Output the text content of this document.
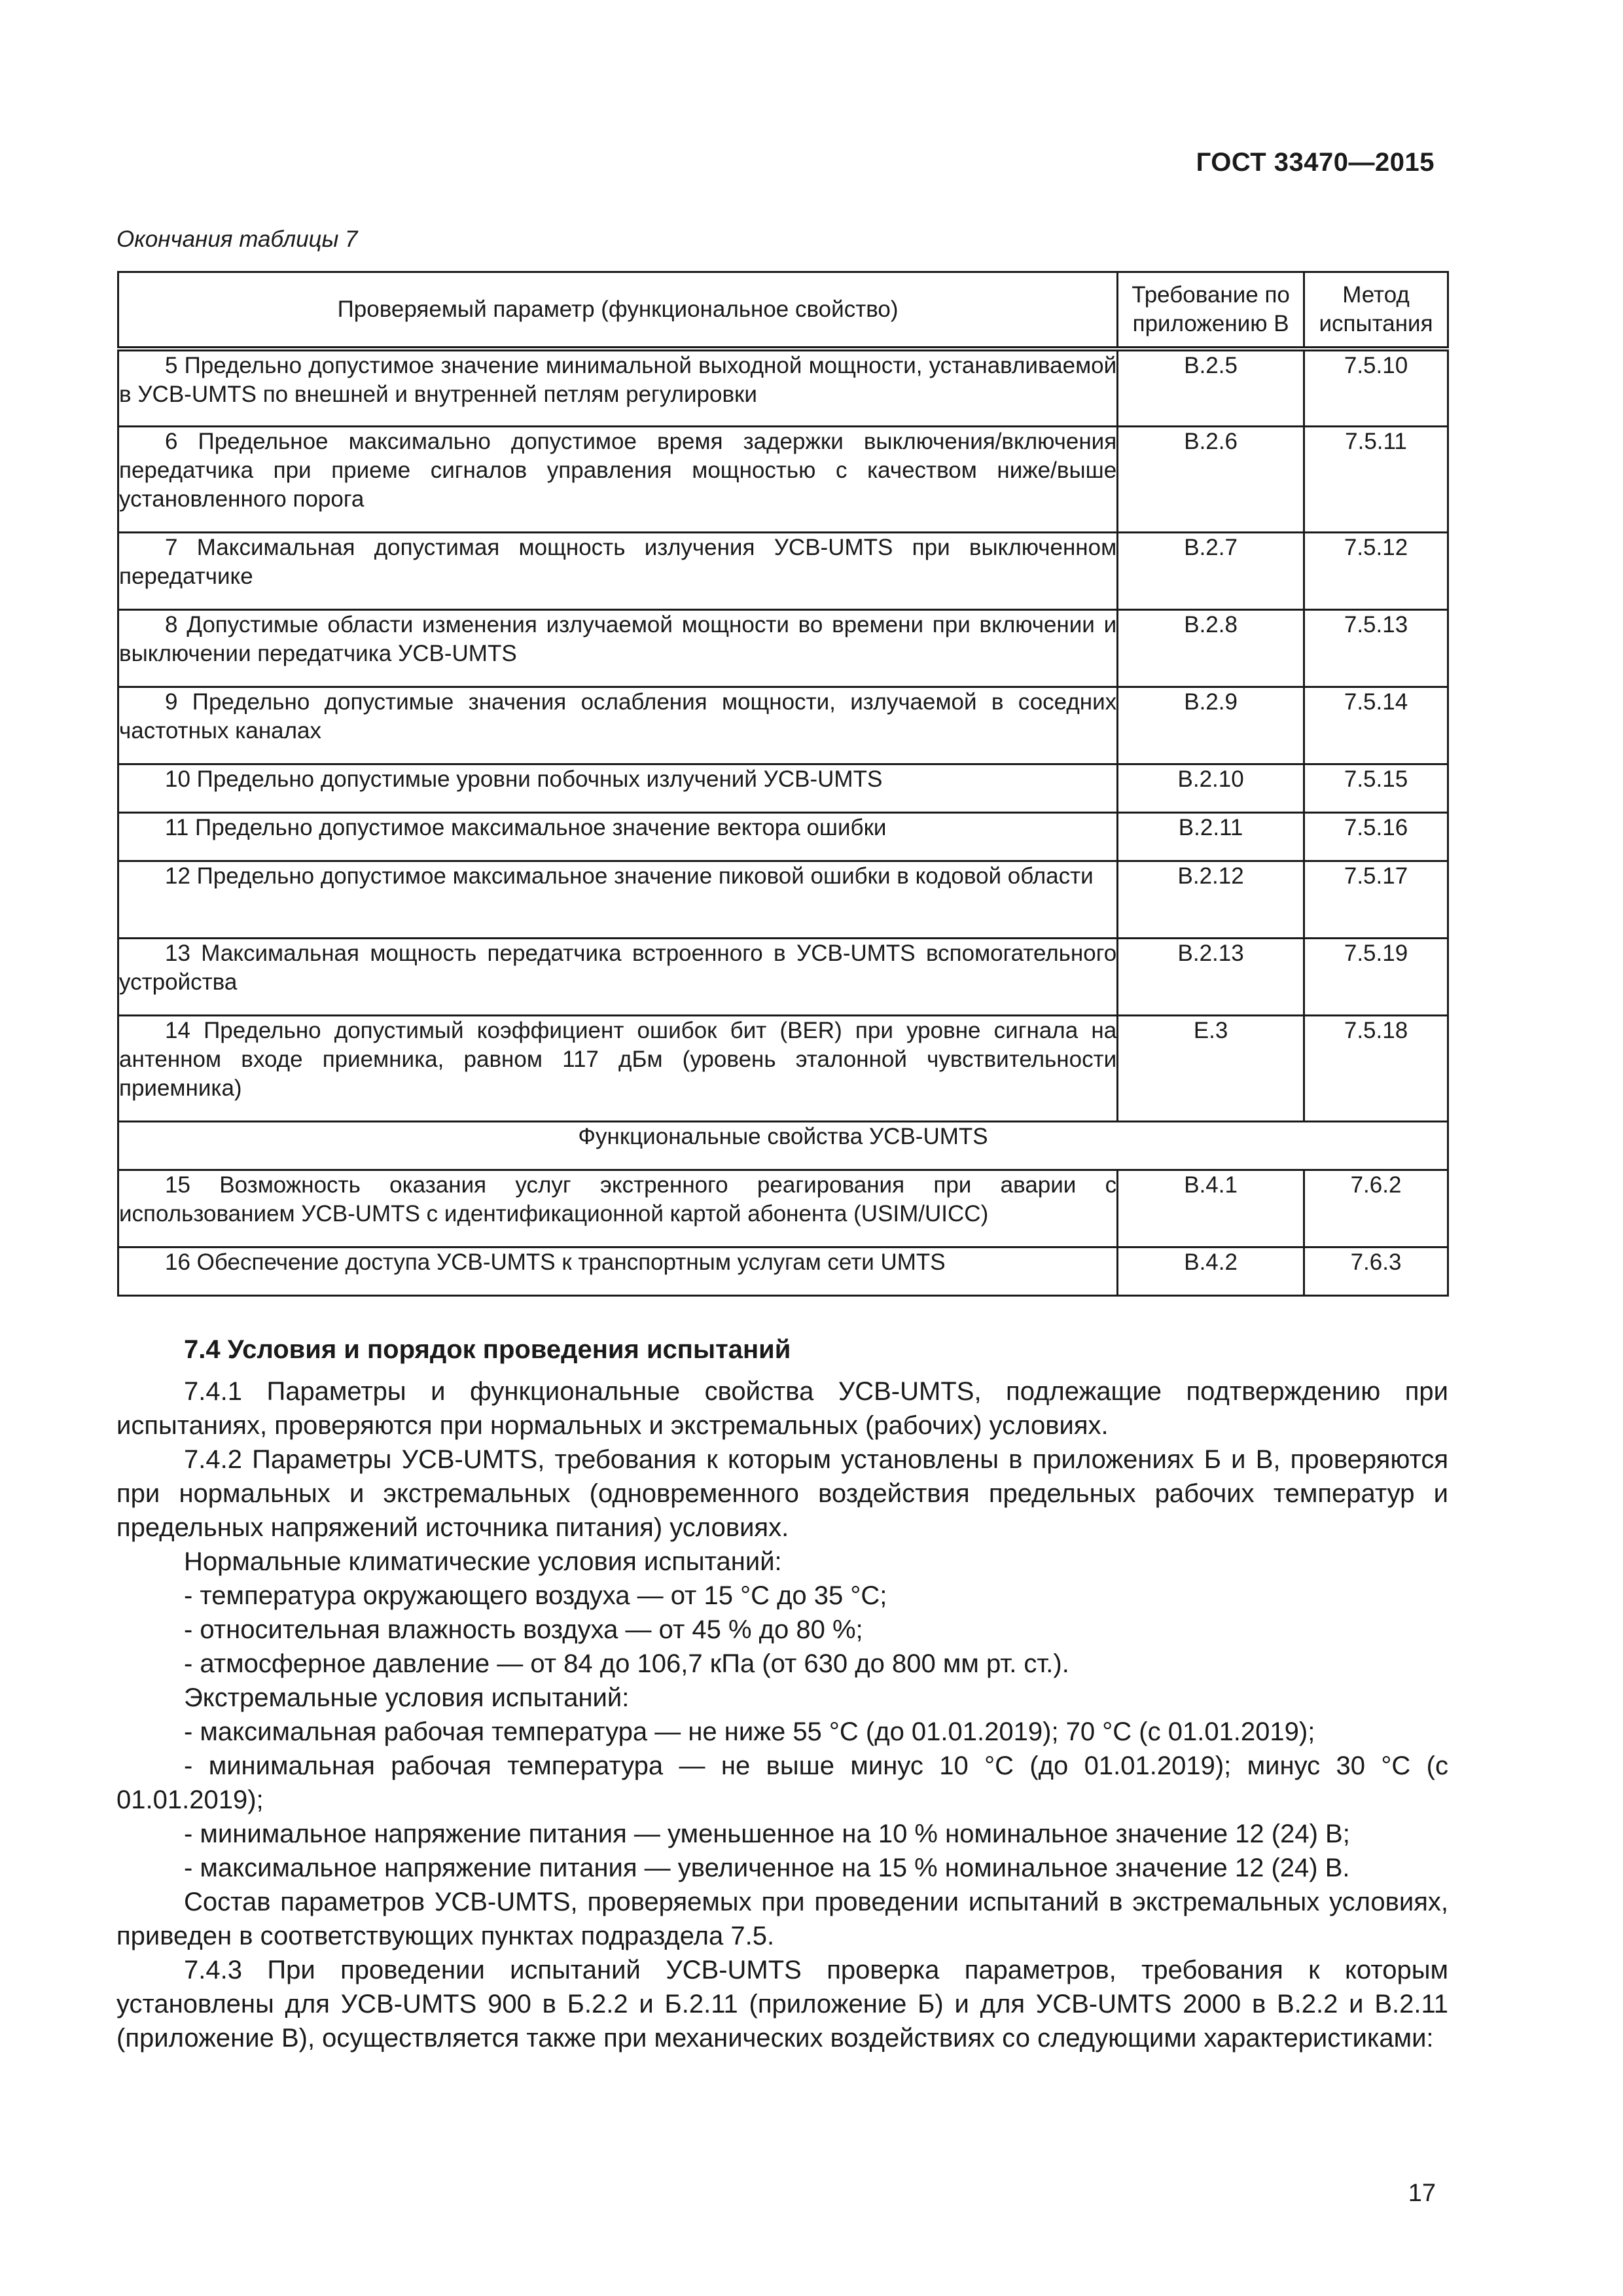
ГОСТ 33470—2015
Окончания таблицы 7
Проверяемый параметр (функциональное свойство)	Требование по приложению В	Метод испытания
5 Предельно допустимое значение минимальной выходной мощности, устанавливаемой в УСВ-UMTS по внешней и внутренней петлям регулировки	В.2.5	7.5.10
6 Предельное максимально допустимое время задержки выключения/включения передатчика при приеме сигналов управления мощностью с качеством ниже/выше установленного порога	В.2.6	7.5.11
7 Максимальная допустимая мощность излучения УСВ-UMTS при выключенном передатчике	В.2.7	7.5.12
8 Допустимые области изменения излучаемой мощности во времени при включении и выключении передатчика УСВ-UMTS	В.2.8	7.5.13
9 Предельно допустимые значения ослабления мощности, излучаемой в соседних частотных каналах	В.2.9	7.5.14
10 Предельно допустимые уровни побочных излучений УСВ-UMTS	В.2.10	7.5.15
11 Предельно допустимое максимальное значение вектора ошибки	В.2.11	7.5.16
12 Предельно допустимое максимальное значение пиковой ошибки в кодовой области	В.2.12	7.5.17
13 Максимальная мощность передатчика встроенного в УСВ-UMTS вспомогательного устройства	В.2.13	7.5.19
14 Предельно допустимый коэффициент ошибок бит (BER) при уровне сигнала на антенном входе приемника, равном 117 дБм (уровень эталонной чувствительности приемника)	Е.3	7.5.18
Функциональные свойства УСВ-UMTS		
15 Возможность оказания услуг экстренного реагирования при аварии с использованием УСВ-UMTS с идентификационной картой абонента (USIM/UICC)	В.4.1	7.6.2
16 Обеспечение доступа УСВ-UMTS к транспортным услугам сети UMTS	В.4.2	7.6.3
7.4 Условия и порядок проведения испытаний

7.4.1 Параметры и функциональные свойства УСВ-UMTS, подлежащие подтверждению при испытаниях, проверяются при нормальных и экстремальных (рабочих) условиях.

7.4.2 Параметры УСВ-UMTS, требования к которым установлены в приложениях Б и В, проверяются при нормальных и экстремальных (одновременного воздействия предельных рабочих температур и предельных напряжений источника питания) условиях.

Нормальные климатические условия испытаний:

- температура окружающего воздуха — от 15 °С до 35 °С;

- относительная влажность воздуха — от 45 % до 80 %;

- атмосферное давление — от 84 до 106,7 кПа (от 630 до 800 мм рт. ст.).

Экстремальные условия испытаний:

- максимальная рабочая температура — не ниже 55 °С (до 01.01.2019); 70 °С (с 01.01.2019);

- минимальная рабочая температура — не выше минус 10 °С (до 01.01.2019); минус 30 °С (с 01.01.2019);

- минимальное напряжение питания — уменьшенное на 10 % номинальное значение 12 (24) В;

- максимальное напряжение питания — увеличенное на 15 % номинальное значение 12 (24) В.

Состав параметров УСВ-UMTS, проверяемых при проведении испытаний в экстремальных условиях, приведен в соответствующих пунктах подраздела 7.5.

7.4.3 При проведении испытаний УСВ-UMTS проверка параметров, требования к которым установлены для УСВ-UMTS 900 в Б.2.2 и Б.2.11 (приложение Б) и для УСВ-UMTS 2000 в В.2.2 и В.2.11 (приложение В), осуществляется также при механических воздействиях со следующими характеристиками:

17
